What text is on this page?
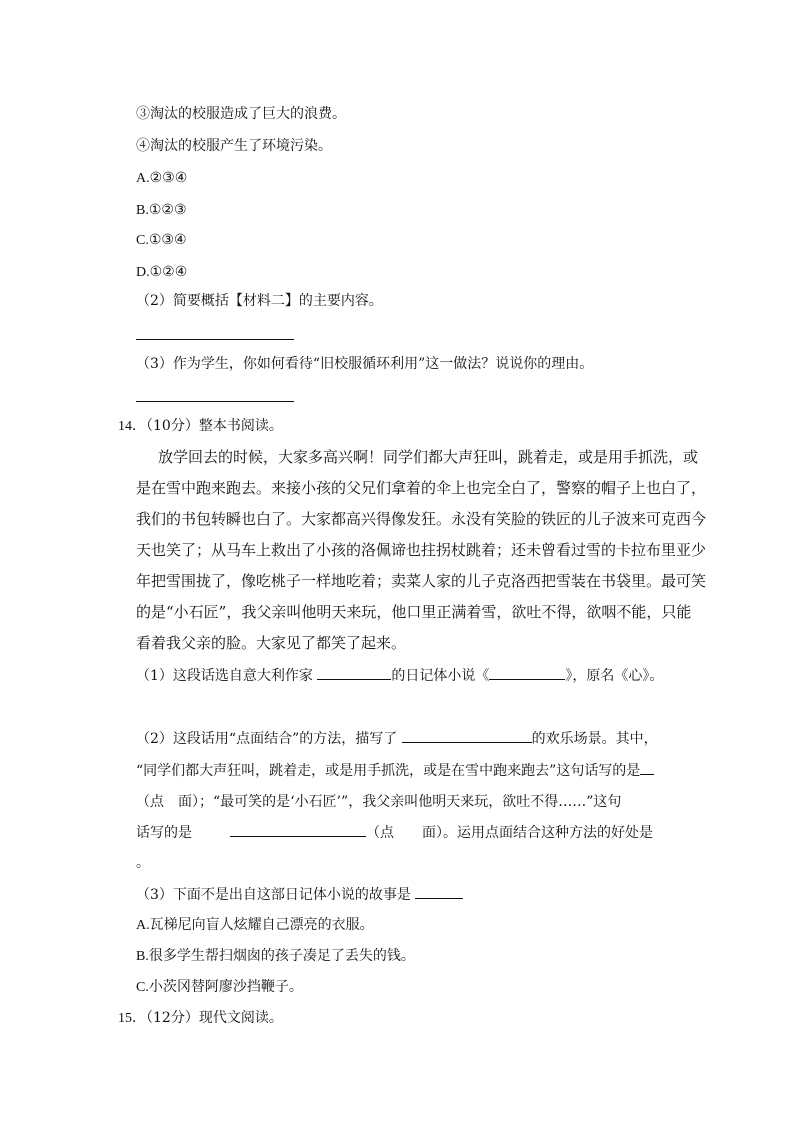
③淘汰的校服造成了巨大的浪费。
④淘汰的校服产生了环境污染。
A.②③④
B.①②③
C.①③④
D.①②④
（2）简要概括【材料二】的主要内容。
（3）作为学生，你如何看待“旧校服循环利用”这一做法？说说你的理由。
14．（10分）整本书阅读。
放学回去的时候，大家多高兴啊！同学们都大声狂叫，跳着走，或是用手抓洗，或
是在雪中跑来跑去。来接小孩的父兄们拿着的伞上也完全白了，警察的帽子上也白了，
我们的书包转瞬也白了。大家都高兴得像发狂。永没有笑脸的铁匠的儿子波来可克西今
天也笑了；从马车上救出了小孩的洛佩谛也拄拐杖跳着；还未曾看过雪的卡拉布里亚少
年把雪围拢了，像吃桃子一样地吃着；卖菜人家的儿子克洛西把雪装在书袋里。最可笑
的是“小石匠”，我父亲叫他明天来玩，他口里正满着雪，欲吐不得，欲咽不能，只能
看着我父亲的脸。大家见了都笑了起来。
（1）这段话选自意大利作家	的日记体小说《	》，原名《心》。
（2）这段话用“点面结合”的方法，描写了	的欢乐场景。其中，
“同学们都大声狂叫，跳着走，或是用手抓洗，或是在雪中跑来跑去”这句话写的是
（点 面）；“最可笑的是‘小石匠’”，我父亲叫他明天来玩，欲吐不得……”这句
话写的是	（点 面）。运用点面结合这种方法的好处是
。
（3）下面不是出自这部日记体小说的故事是
A.瓦梯尼向盲人炫耀自己漂亮的衣服。
B.很多学生帮扫烟囱的孩子凑足了丢失的钱。
C.小茨冈替阿廖沙挡鞭子。
15．（12分）现代文阅读。
